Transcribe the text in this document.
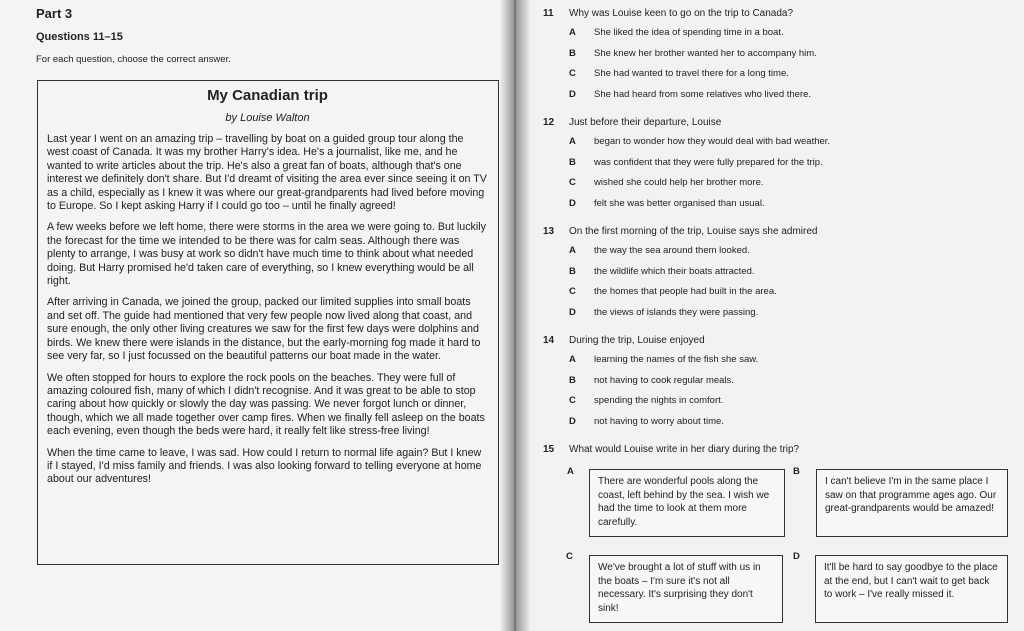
Part 3
Questions 11–15
For each question, choose the correct answer.
My Canadian trip
by Louise Walton

Last year I went on an amazing trip – travelling by boat on a guided group tour along the west coast of Canada. It was my brother Harry's idea. He's a journalist, like me, and he wanted to write articles about the trip. He's also a great fan of boats, although that's one interest we definitely don't share. But I'd dreamt of visiting the area ever since seeing it on TV as a child, especially as I knew it was where our great-grandparents had lived before moving to Europe. So I kept asking Harry if I could go too – until he finally agreed!

A few weeks before we left home, there were storms in the area we were going to. But luckily the forecast for the time we intended to be there was for calm seas. Although there was plenty to arrange, I was busy at work so didn't have much time to think about what needed doing. But Harry promised he'd taken care of everything, so I knew everything would be all right.

After arriving in Canada, we joined the group, packed our limited supplies into small boats and set off. The guide had mentioned that very few people now lived along that coast, and sure enough, the only other living creatures we saw for the first few days were dolphins and birds. We knew there were islands in the distance, but the early-morning fog made it hard to see very far, so I just focussed on the beautiful patterns our boat made in the water.

We often stopped for hours to explore the rock pools on the beaches. They were full of amazing coloured fish, many of which I didn't recognise. And it was great to be able to stop caring about how quickly or slowly the day was passing. We never forgot lunch or dinner, though, which we all made together over camp fires. When we finally fell asleep on the boats each evening, even though the beds were hard, it really felt like stress-free living!

When the time came to leave, I was sad. How could I return to normal life again? But I knew if I stayed, I'd miss family and friends. I was also looking forward to telling everyone at home about our adventures!

11 Why was Louise keen to go on the trip to Canada?
A She liked the idea of spending time in a boat.
B She knew her brother wanted her to accompany him.
C She had wanted to travel there for a long time.
D She had heard from some relatives who lived there.
12 Just before their departure, Louise
A began to wonder how they would deal with bad weather.
B was confident that they were fully prepared for the trip.
C wished she could help her brother more.
D felt she was better organised than usual.
13 On the first morning of the trip, Louise says she admired
A the way the sea around them looked.
B the wildlife which their boats attracted.
C the homes that people had built in the area.
D the views of islands they were passing.
14 During the trip, Louise enjoyed
A learning the names of the fish she saw.
B not having to cook regular meals.
C spending the nights in comfort.
D not having to worry about time.
15 What would Louise write in her diary during the trip?
A
There are wonderful pools along the coast, left behind by the sea. I wish we had the time to look at them more carefully.
B
I can't believe I'm in the same place I saw on that programme ages ago. Our great-grandparents would be amazed!
C
We've brought a lot of stuff with us in the boats – I'm sure it's not all necessary. It's surprising they don't sink!
D
It'll be hard to say goodbye to the place at the end, but I can't wait to get back to work – I've really missed it.
